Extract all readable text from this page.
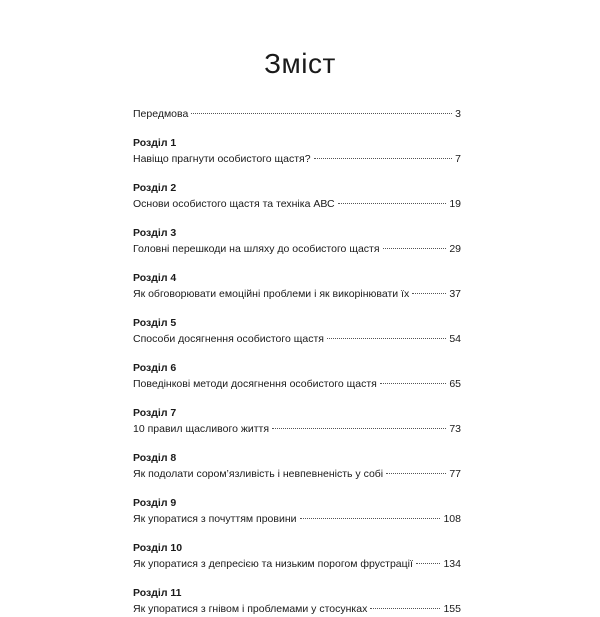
Зміст
Передмова	3
Розділ 1
Навіщо прагнути особистого щастя?	7
Розділ 2
Основи особистого щастя та техніка АВС	19
Розділ 3
Головні перешкоди на шляху до особистого щастя	29
Розділ 4
Як обговорювати емоційні проблеми і як викорінювати їх	37
Розділ 5
Способи досягнення особистого щастя	54
Розділ 6
Поведінкові методи досягнення особистого щастя	65
Розділ 7
10 правил щасливого життя	73
Розділ 8
Як подолати сором’язливість і невпевненість у собі	77
Розділ 9
Як упоратися з почуттям провини	108
Розділ 10
Як упоратися з депресією та низьким порогом фрустрації	134
Розділ 11
Як упоратися з гнівом і проблемами у стосунках	155
